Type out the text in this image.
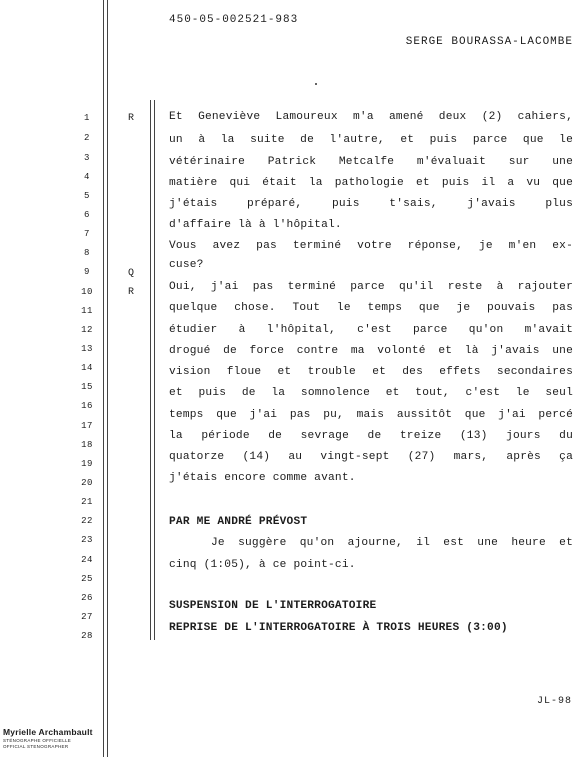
450-05-002521-983
SERGE BOURASSA-LACOMBE
1
2
3
4
5
6
7
8
9
10
11
12
13
14
15
16
17
18
19
20
21
22
23
24
25
26
27
28
R
Q
R
Et Geneviève Lamoureux m'a amené deux (2) cahiers,
un à la suite de l'autre, et puis parce que le
vétérinaire Patrick Metcalfe m'évaluait sur une
matière qui était la pathologie et puis il a vu que
j'étais préparé, puis t'sais, j'avais plus
d'affaire là à l'hôpital.
Vous avez pas terminé votre réponse, je m'en ex-
cuse?
Oui, j'ai pas terminé parce qu'il reste à rajouter
quelque chose. Tout le temps que je pouvais pas
étudier à l'hôpital, c'est parce qu'on m'avait
drogué de force contre ma volonté et là j'avais une
vision floue et trouble et des effets secondaires
et puis de la somnolence et tout, c'est le seul
temps que j'ai pas pu, mais aussitôt que j'ai percé
la période de sevrage de treize (13) jours du
quatorze (14) au vingt-sept (27) mars, après ça
j'étais encore comme avant.
PAR ME ANDRÉ PRÉVOST
Je suggère qu'on ajourne, il est une heure et
cinq (1:05), à ce point-ci.
SUSPENSION DE L'INTERROGATOIRE
REPRISE DE L'INTERROGATOIRE À TROIS HEURES (3:00)
JL-98
Myrielle Archambault
STÉNOGRAPHE OFFICIELLE
OFFICIAL STENOGRAPHER
